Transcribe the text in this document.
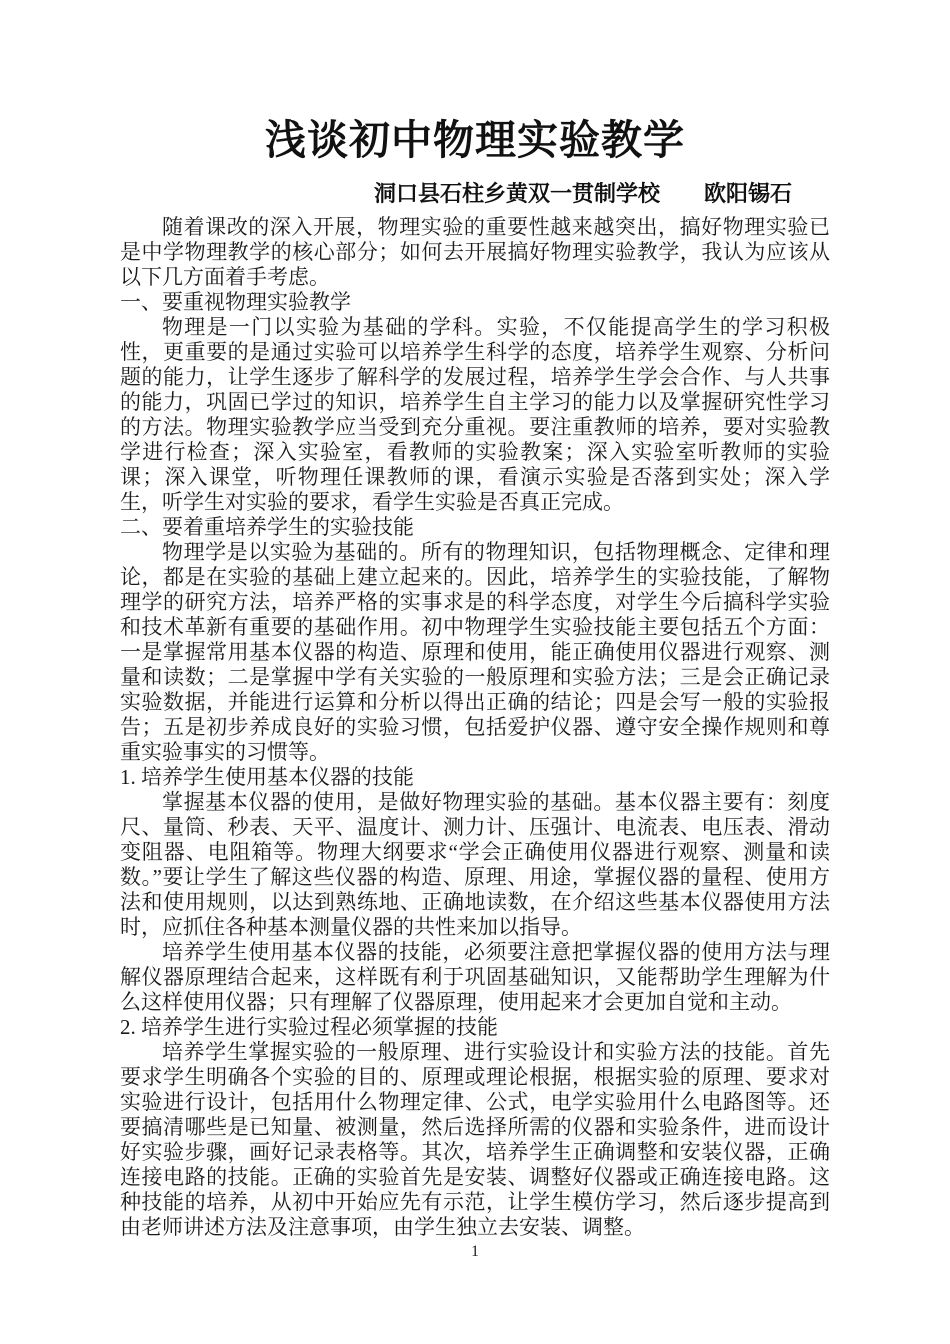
浅谈初中物理实验教学
洞口县石柱乡黄双一贯制学校　　欧阳锡石

随着课改的深入开展，物理实验的重要性越来越突出，搞好物理实验已是中学物理教学的核心部分；如何去开展搞好物理实验教学，我认为应该从以下几方面着手考虑。

一、要重视物理实验教学

物理是一门以实验为基础的学科。实验，不仅能提高学生的学习积极性，更重要的是通过实验可以培养学生科学的态度，培养学生观察、分析问题的能力，让学生逐步了解科学的发展过程，培养学生学会合作、与人共事的能力，巩固已学过的知识，培养学生自主学习的能力以及掌握研究性学习的方法。物理实验教学应当受到充分重视。要注重教师的培养，要对实验教学进行检查；深入实验室，看教师的实验教案；深入实验室听教师的实验课；深入课堂，听物理任课教师的课，看演示实验是否落到实处；深入学生，听学生对实验的要求，看学生实验是否真正完成。

二、要着重培养学生的实验技能

物理学是以实验为基础的。所有的物理知识，包括物理概念、定律和理论，都是在实验的基础上建立起来的。因此，培养学生的实验技能，了解物理学的研究方法，培养严格的实事求是的科学态度，对学生今后搞科学实验和技术革新有重要的基础作用。初中物理学生实验技能主要包括五个方面：一是掌握常用基本仪器的构造、原理和使用，能正确使用仪器进行观察、测量和读数；二是掌握中学有关实验的一般原理和实验方法；三是会正确记录实验数据，并能进行运算和分析以得出正确的结论；四是会写一般的实验报告；五是初步养成良好的实验习惯，包括爱护仪器、遵守安全操作规则和尊重实验事实的习惯等。

1. 培养学生使用基本仪器的技能

掌握基本仪器的使用，是做好物理实验的基础。基本仪器主要有：刻度尺、量筒、秒表、天平、温度计、测力计、压强计、电流表、电压表、滑动变阻器、电阻箱等。物理大纲要求“学会正确使用仪器进行观察、测量和读数。”要让学生了解这些仪器的构造、原理、用途，掌握仪器的量程、使用方法和使用规则，以达到熟练地、正确地读数，在介绍这些基本仪器使用方法时，应抓住各种基本测量仪器的共性来加以指导。

培养学生使用基本仪器的技能，必须要注意把掌握仪器的使用方法与理解仪器原理结合起来，这样既有利于巩固基础知识，又能帮助学生理解为什么这样使用仪器；只有理解了仪器原理，使用起来才会更加自觉和主动。

2. 培养学生进行实验过程必须掌握的技能

培养学生掌握实验的一般原理、进行实验设计和实验方法的技能。首先要求学生明确各个实验的目的、原理或理论根据，根据实验的原理、要求对实验进行设计，包括用什么物理定律、公式，电学实验用什么电路图等。还要搞清哪些是已知量、被测量，然后选择所需的仪器和实验条件，进而设计好实验步骤，画好记录表格等。其次，培养学生正确调整和安装仪器，正确连接电路的技能。正确的实验首先是安装、调整好仪器或正确连接电路。这种技能的培养，从初中开始应先有示范，让学生模仿学习，然后逐步提高到由老师讲述方法及注意事项，由学生独立去安装、调整。

1
